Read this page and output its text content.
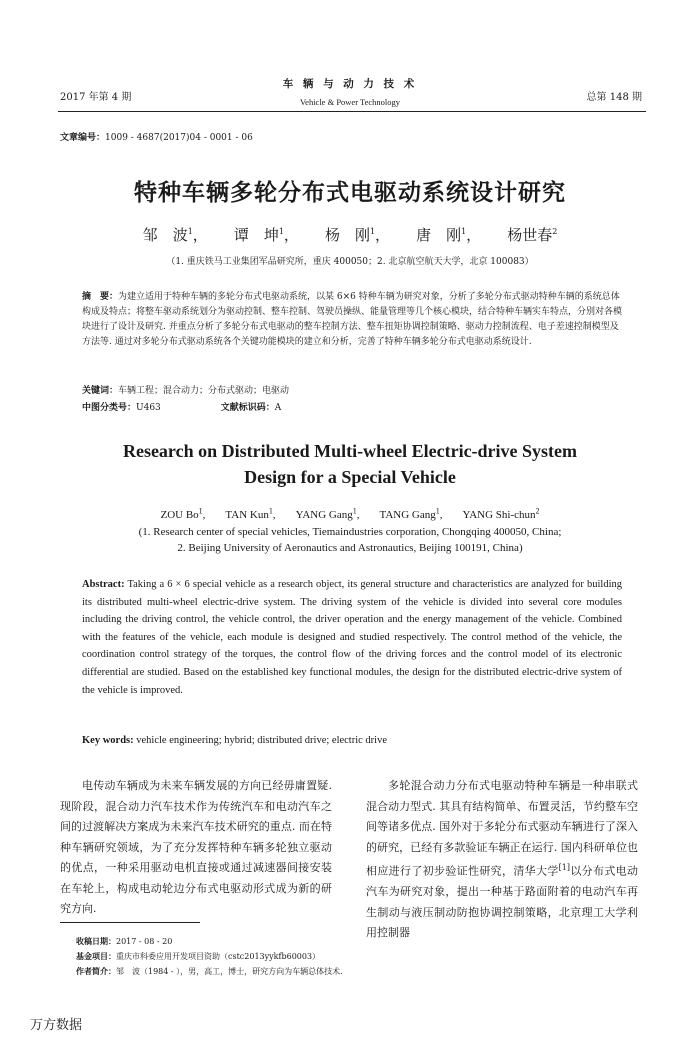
2017 年第 4 期
车 辆 与 动 力 技 术
Vehicle & Power Technology	总第 148 期
文章编号：1009 - 4687(2017)04 - 0001 - 06
特种车辆多轮分布式电驱动系统设计研究
邹　波$^1$， 谭　坤$^1$， 杨　刚$^1$， 唐　刚$^1$， 杨世春$^2$
（1. 重庆铁马工业集团军品研究所，重庆 400050；2. 北京航空航天大学，北京 100083）
摘　要：为建立适用于特种车辆的多轮分布式电驱动系统，以某 6×6 特种车辆为研究对象，分析了多轮分布式驱动特种车辆的系统总体构成及特点；将整车驱动系统划分为驱动控制、整车控制、驾驶员操纵、能量管理等几个核心模块，结合特种车辆实车特点，分别对各模块进行了设计及研究. 并重点分析了多轮分布式电驱动的整车控制方法、整车扭矩协调控制策略、驱动力控制流程、电子差速控制模型及方法等. 通过对多轮分布式驱动系统各个关键功能模块的建立和分析，完善了特种车辆多轮分布式电驱动系统设计.
关键词：车辆工程；混合动力；分布式驱动；电驱动
中图分类号：U463	文献标识码：A
Research on Distributed Multi-wheel Electric-drive System
Design for a Special Vehicle
ZOU Bo$^1$, TAN Kun$^1$, YANG Gang$^1$, TANG Gang$^1$, YANG Shi-chun$^2$
(1. Research center of special vehicles, Tiemaindustries corporation, Chongqing 400050, China;
2. Beijing University of Aeronautics and Astronautics, Beijing 100191, China)
Abstract: Taking a 6 × 6 special vehicle as a research object, its general structure and characteristics are analyzed for building its distributed multi-wheel electric-drive system. The driving system of the vehicle is divided into several core modules including the driving control, the vehicle control, the driver operation and the energy management of the vehicle. Combined with the features of the vehicle, each module is designed and studied respectively. The control method of the vehicle, the coordination control strategy of the torques, the control flow of the driving forces and the control model of its electronic differential are studied. Based on the established key functional modules, the design for the distributed electric-drive system of the vehicle is improved.
Key words: vehicle engineering; hybrid; distributed drive; electric drive

电传动车辆成为未来车辆发展的方向已经毋庸置疑. 现阶段，混合动力汽车技术作为传统汽车和电动汽车之间的过渡解决方案成为未来汽车技术研究的重点. 而在特种车辆研究领域，为了充分发挥特种车辆多轮独立驱动的优点，一种采用驱动电机直接或通过减速器间接安装在车轮上，构成电动轮边分布式电驱动形式成为新的研究方向.

多轮混合动力分布式电驱动特种车辆是一种串联式混合动力型式. 其具有结构简单、布置灵活，节约整车空间等诸多优点. 国外对于多轮分布式驱动车辆进行了深入的研究，已经有多款验证车辆正在运行. 国内科研单位也相应进行了初步验证性研究，清华大学[1]以分布式电动汽车为研究对象，提出一种基于路面附着的电动汽车再生制动与液压制动防抱协调控制策略，北京理工大学利用控制器

收稿日期：2017 - 08 - 20
基金项目：重庆市科委应用开发项目资助（cstc2013yykfb60003）
作者简介：邹　波（1984 - ），男，高工，博士，研究方向为车辆总体技术.
万方数据
